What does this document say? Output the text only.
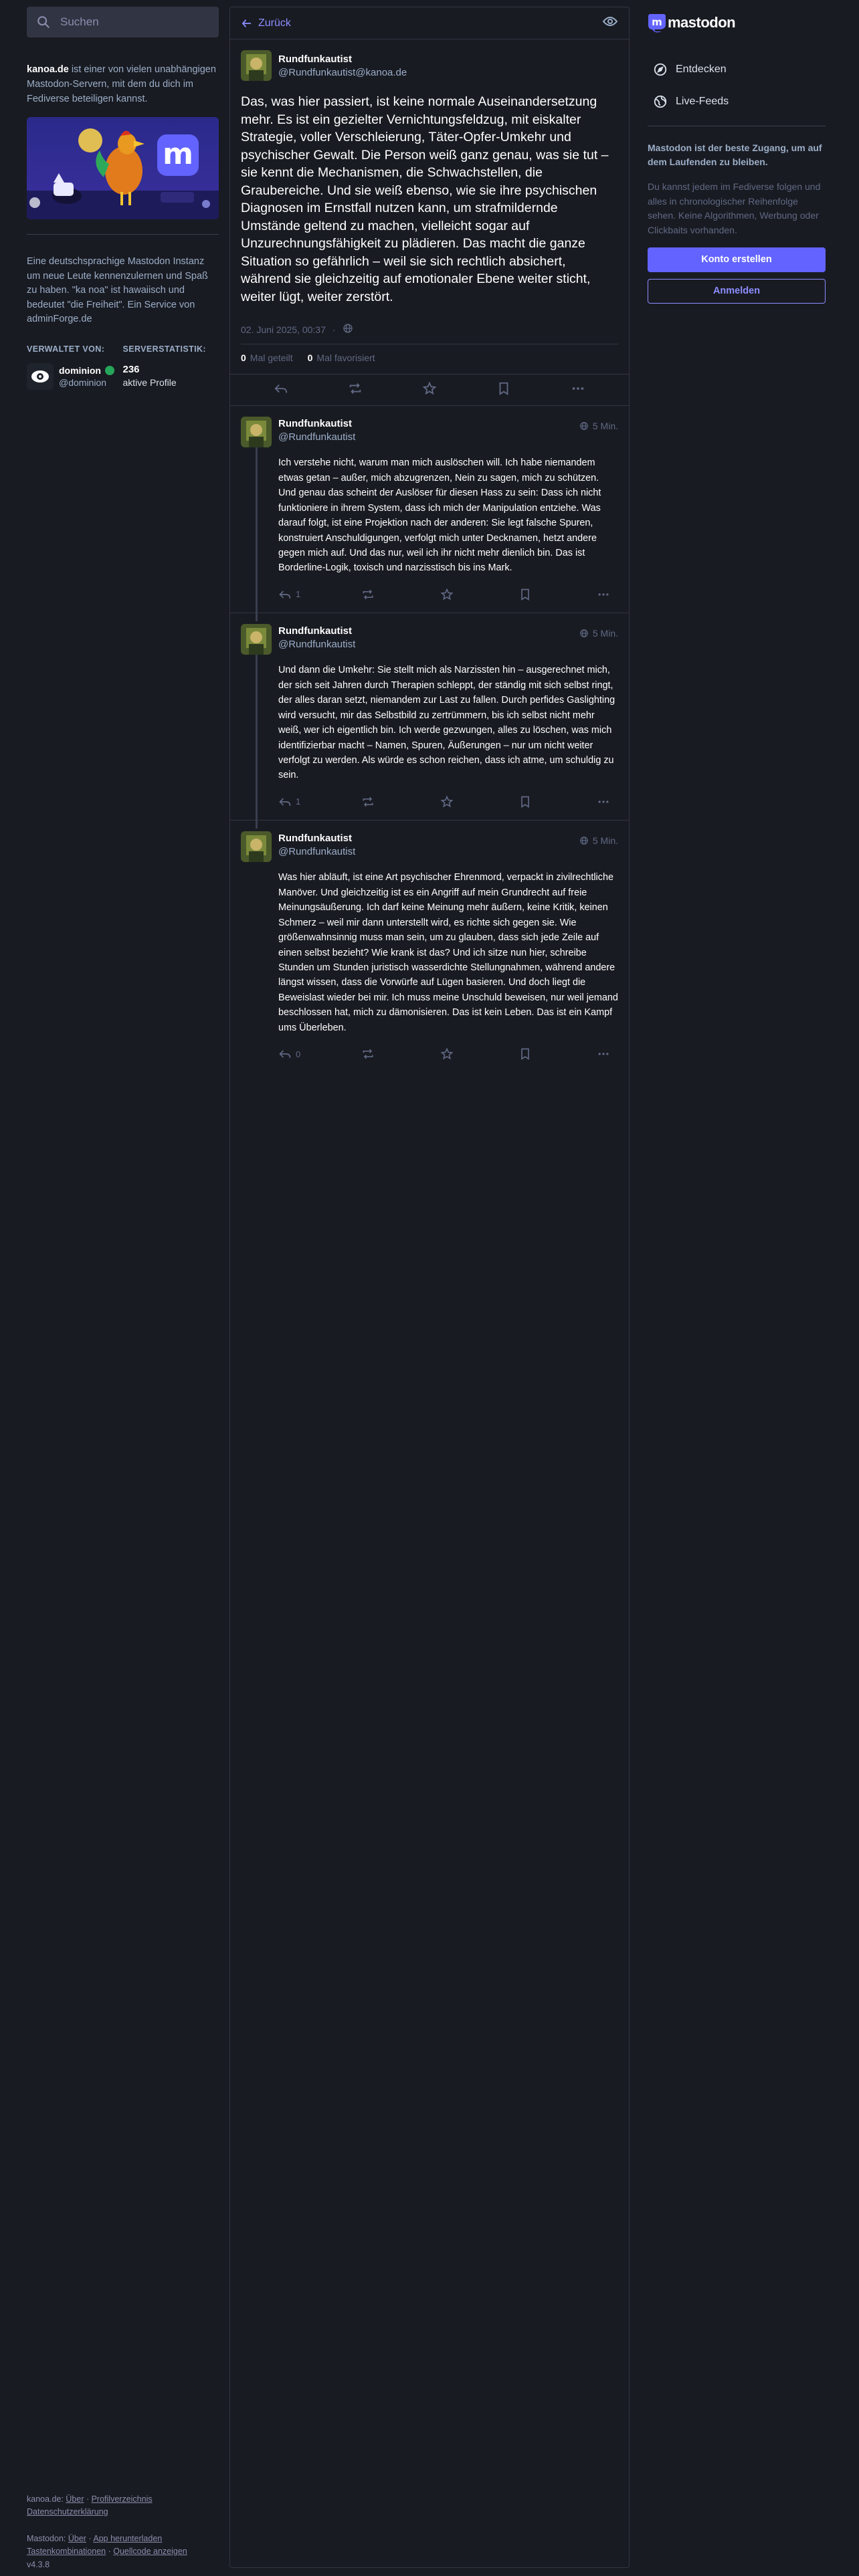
Suchen

kanoa.de ist einer von vielen unabhängigen Mastodon-Servern, mit dem du dich im Fediverse beteiligen kannst.

m

Eine deutschsprachige Mastodon Instanz um neue Leute kennenzulernen und Spaß zu haben. "ka noa" ist hawaiisch und bedeutet "die Freiheit". Ein Service von adminForge.de

VERWALTET VON:
dominion
@dominion
SERVERSTATISTIK:
236
aktive Profile
kanoa.de: Über · Profilverzeichnis
Datenschutzerklärung
Mastodon: Über · App herunterladen
Tastenkombinationen · Quellcode anzeigen
v4.3.8
Zurück
Rundfunkautist
@Rundfunkautist@kanoa.de
Das, was hier passiert, ist keine normale Auseinandersetzung mehr. Es ist ein gezielter Vernichtungsfeldzug, mit eiskalter Strategie, voller Verschleierung, Täter-Opfer-Umkehr und psychischer Gewalt. Die Person weiß ganz genau, was sie tut – sie kennt die Mechanismen, die Schwachstellen, die Graubereiche. Und sie weiß ebenso, wie sie ihre psychischen Diagnosen im Ernstfall nutzen kann, um strafmildernde Umstände geltend zu machen, vielleicht sogar auf Unzurechnungsfähigkeit zu plädieren. Das macht die ganze Situation so gefährlich – weil sie sich rechtlich absichert, während sie gleichzeitig auf emotionaler Ebene weiter sticht, weiter lügt, weiter zerstört.
02. Juni 2025, 00:37 ·
0 Mal geteilt 0 Mal favorisiert
Rundfunkautist
@Rundfunkautist
5 Min.
Ich verstehe nicht, warum man mich auslöschen will. Ich habe niemandem etwas getan – außer, mich abzugrenzen, Nein zu sagen, mich zu schützen. Und genau das scheint der Auslöser für diesen Hass zu sein: Dass ich nicht funktioniere in ihrem System, dass ich mich der Manipulation entziehe. Was darauf folgt, ist eine Projektion nach der anderen: Sie legt falsche Spuren, konstruiert Anschuldigungen, verfolgt mich unter Decknamen, hetzt andere gegen mich auf. Und das nur, weil ich ihr nicht mehr dienlich bin. Das ist Borderline-Logik, toxisch und narzisstisch bis ins Mark.
1
Rundfunkautist
@Rundfunkautist
5 Min.
Und dann die Umkehr: Sie stellt mich als Narzissten hin – ausgerechnet mich, der sich seit Jahren durch Therapien schleppt, der ständig mit sich selbst ringt, der alles daran setzt, niemandem zur Last zu fallen. Durch perfides Gaslighting wird versucht, mir das Selbstbild zu zertrümmern, bis ich selbst nicht mehr weiß, wer ich eigentlich bin. Ich werde gezwungen, alles zu löschen, was mich identifizierbar macht – Namen, Spuren, Äußerungen – nur um nicht weiter verfolgt zu werden. Als würde es schon reichen, dass ich atme, um schuldig zu sein.
1
Rundfunkautist
@Rundfunkautist
5 Min.
Was hier abläuft, ist eine Art psychischer Ehrenmord, verpackt in zivilrechtliche Manöver. Und gleichzeitig ist es ein Angriff auf mein Grundrecht auf freie Meinungsäußerung. Ich darf keine Meinung mehr äußern, keine Kritik, keinen Schmerz – weil mir dann unterstellt wird, es richte sich gegen sie. Wie größenwahnsinnig muss man sein, um zu glauben, dass sich jede Zeile auf einen selbst bezieht? Wie krank ist das? Und ich sitze nun hier, schreibe Stunden um Stunden juristisch wasserdichte Stellungnahmen, während andere längst wissen, dass die Vorwürfe auf Lügen basieren. Und doch liegt die Beweislast wieder bei mir. Ich muss meine Unschuld beweisen, nur weil jemand beschlossen hat, mich zu dämonisieren. Das ist kein Leben. Das ist ein Kampf ums Überleben.
0
m mastodon
Entdecken
Live-Feeds

Mastodon ist der beste Zugang, um auf dem Laufenden zu bleiben.

Du kannst jedem im Fediverse folgen und alles in chronologischer Reihenfolge sehen. Keine Algorithmen, Werbung oder Clickbaits vorhanden.

Konto erstellen
Anmelden
